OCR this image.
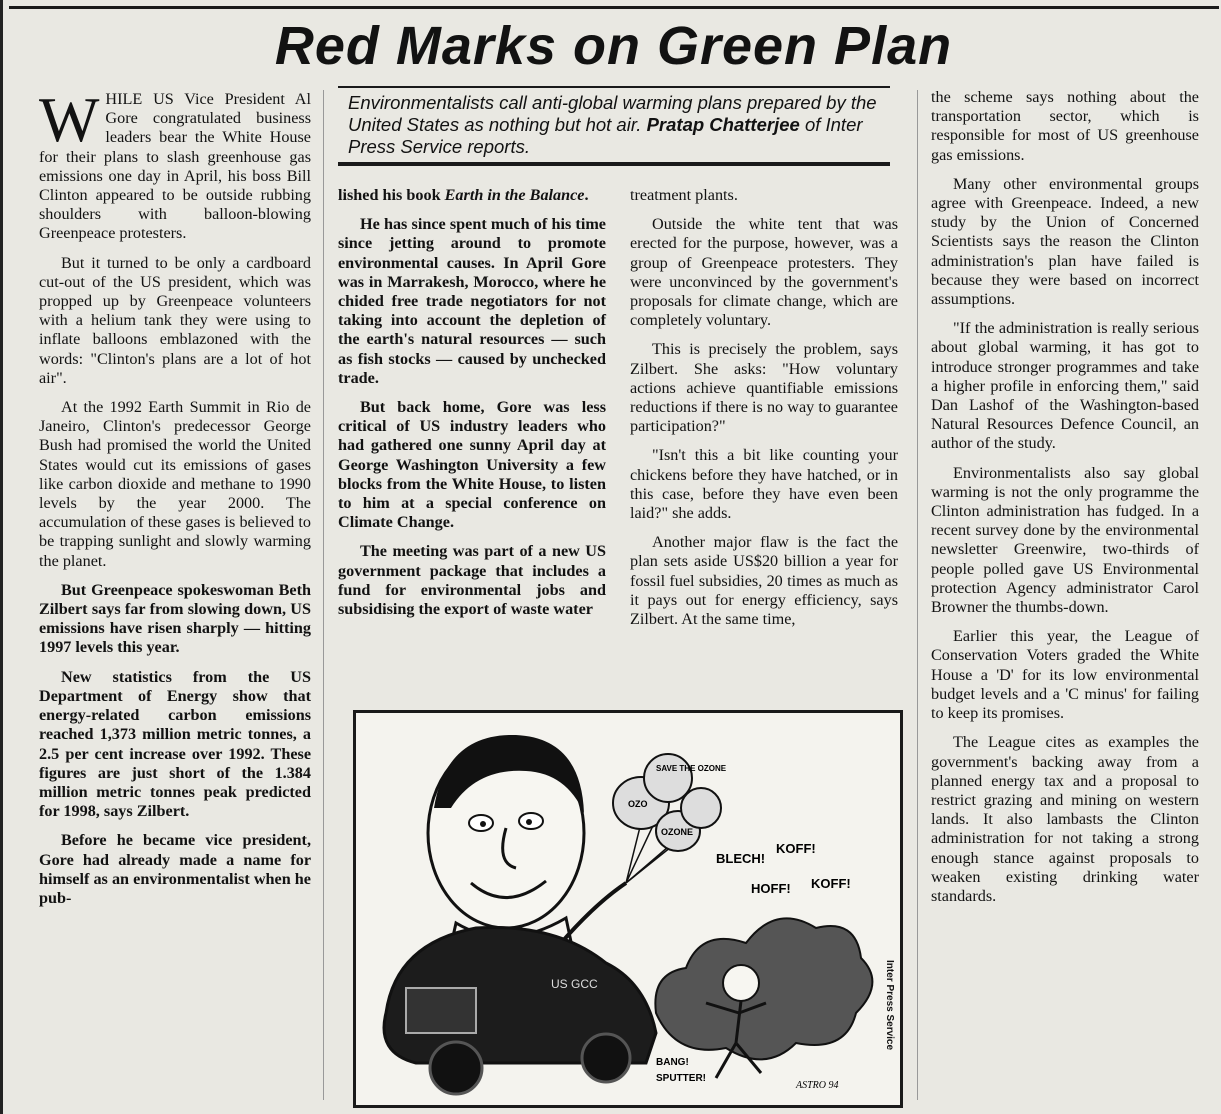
Red Marks on Green Plan
Environmentalists call anti-global warming plans prepared by the United States as nothing but hot air. Pratap Chatterjee of Inter Press Service reports.

WHILE US Vice President Al Gore congratulated business leaders bear the White House for their plans to slash greenhouse gas emissions one day in April, his boss Bill Clinton appeared to be outside rubbing shoulders with balloon-blowing Greenpeace protesters.

But it turned to be only a cardboard cut-out of the US president, which was propped up by Greenpeace volunteers with a helium tank they were using to inflate balloons emblazoned with the words: "Clinton's plans are a lot of hot air".

At the 1992 Earth Summit in Rio de Janeiro, Clinton's predecessor George Bush had promised the world the United States would cut its emissions of gases like carbon dioxide and methane to 1990 levels by the year 2000. The accumulation of these gases is believed to be trapping sunlight and slowly warming the planet.

But Greenpeace spokeswoman Beth Zilbert says far from slowing down, US emissions have risen sharply — hitting 1997 levels this year.

New statistics from the US Department of Energy show that energy-related carbon emissions reached 1,373 million metric tonnes, a 2.5 per cent increase over 1992. These figures are just short of the 1.384 million metric tonnes peak predicted for 1998, says Zilbert.

Before he became vice president, Gore had already made a name for himself as an environmentalist when he pub-

lished his book Earth in the Balance.

He has since spent much of his time since jetting around to promote environmental causes. In April Gore was in Marrakesh, Morocco, where he chided free trade negotiators for not taking into account the depletion of the earth's natural resources — such as fish stocks — caused by unchecked trade.

But back home, Gore was less critical of US industry leaders who had gathered one sunny April day at George Washington University a few blocks from the White House, to listen to him at a special conference on Climate Change.

The meeting was part of a new US government package that includes a fund for environmental jobs and subsidising the export of waste water

treatment plants.

Outside the white tent that was erected for the purpose, however, was a group of Greenpeace protesters. They were unconvinced by the government's proposals for climate change, which are completely voluntary.

This is precisely the problem, says Zilbert. She asks: "How voluntary actions achieve quantifiable emissions reductions if there is no way to guarantee participation?"

"Isn't this a bit like counting your chickens before they have hatched, or in this case, before they have even been laid?" she adds.

Another major flaw is the fact the plan sets aside US$20 billion a year for fossil fuel subsidies, 20 times as much as it pays out for energy efficiency, says Zilbert. At the same time,

the scheme says nothing about the transportation sector, which is responsible for most of US greenhouse gas emissions.

Many other environmental groups agree with Greenpeace. Indeed, a new study by the Union of Concerned Scientists says the reason the Clinton administration's plan have failed is because they were based on incorrect assumptions.

"If the administration is really serious about global warming, it has got to introduce stronger programmes and take a higher profile in enforcing them," said Dan Lashof of the Washington-based Natural Resources Defence Council, an author of the study.

Environmentalists also say global warming is not the only programme the Clinton administration has fudged. In a recent survey done by the environmental newsletter Greenwire, two-thirds of people polled gave US Environmental protection Agency administrator Carol Browner the thumbs-down.

Earlier this year, the League of Conservation Voters graded the White House a 'D' for its low environmental budget levels and a 'C minus' for failing to keep its promises.

The League cites as examples the government's backing away from a planned energy tax and a proposal to restrict grazing and mining on western lands. It also lambasts the Clinton administration for not taking a strong enough stance against proposals to weaken existing drinking water standards.

SAVE THE OZONE
OZO
OZONE
US GCC
BLECH!
KOFF!
HOFF! KOFF!
BANG!
SPUTTER!
ASTRO 94
Inter Press Service
